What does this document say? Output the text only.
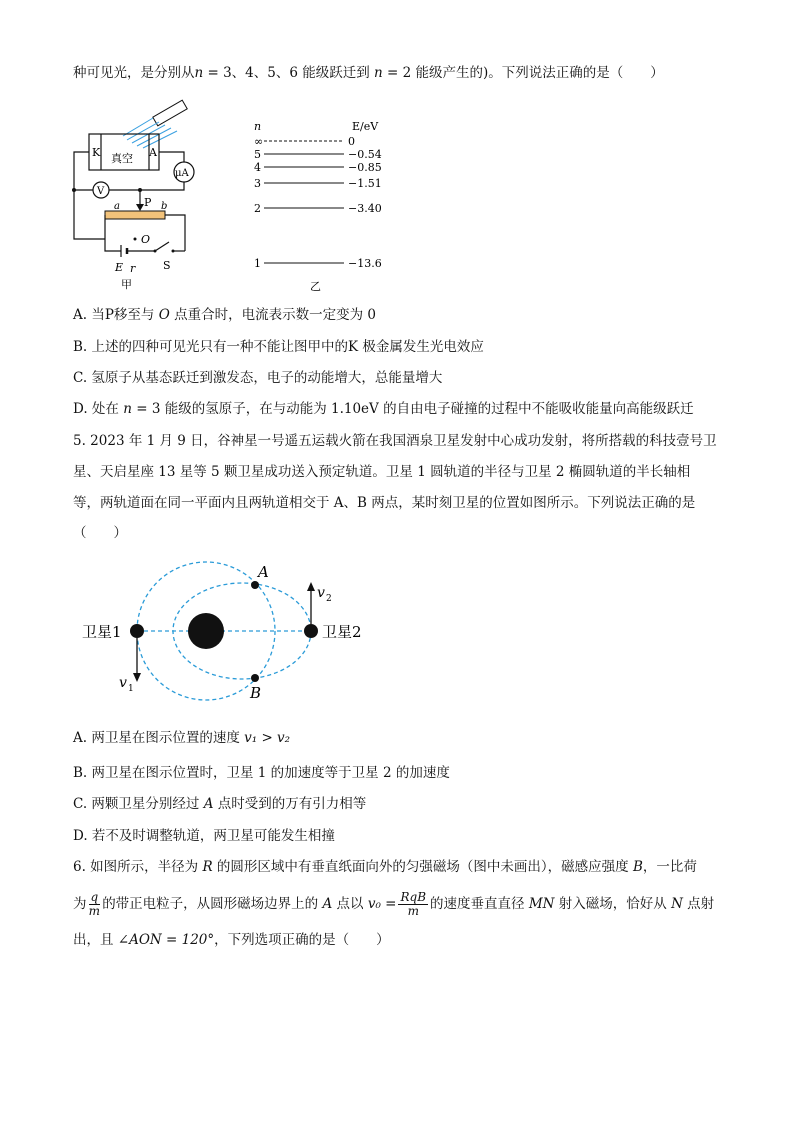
种可见光，是分别从n = 3、4、5、6 能级跃迁到 n = 2 能级产生的)。下列说法正确的是（　　）
K	A
真空
μA
V
P
a	b
O
E r	S
甲
n	E/eV
∞	0
5	−0.54
4	−0.85
3	−1.51
2	−3.40
1	−13.6
乙
A. 当P移至与 O 点重合时，电流表示数一定变为 0
B. 上述的四种可见光只有一种不能让图甲中的K 极金属发生光电效应
C. 氢原子从基态跃迁到激发态，电子的动能增大，总能量增大
D. 处在 n = 3 能级的氢原子，在与动能为 1.10eV 的自由电子碰撞的过程中不能吸收能量向高能级跃迁
5. 2023 年 1 月 9 日，谷神星一号遥五运载火箭在我国酒泉卫星发射中心成功发射，将所搭载的科技壹号卫
星、天启星座 13 星等 5 颗卫星成功送入预定轨道。卫星 1 圆轨道的半径与卫星 2 椭圆轨道的半长轴相
等，两轨道面在同一平面内且两轨道相交于 A、B 两点，某时刻卫星的位置如图所示。下列说法正确的是
（　　）
卫星1	卫星2
A
B
v 1
v 2
A. 两卫星在图示位置的速度 v₁ > v₂
B. 两卫星在图示位置时，卫星 1 的加速度等于卫星 2 的加速度
C. 两颗卫星分别经过 A 点时受到的万有引力相等
D. 若不及时调整轨道，两卫星可能发生相撞
6. 如图所示，半径为 R 的圆形区域中有垂直纸面向外的匀强磁场（图中未画出），磁感应强度 B，一比荷
为 $\frac{q}{m}$ 的带正电粒子，从圆形磁场边界上的 A 点以 $v_0 = \frac{\text{RqB}}{m}$ 的速度垂直直径 MN 射入磁场，恰好从 N 点射
出，且 ∠AON = 120°，下列选项正确的是（　　）
